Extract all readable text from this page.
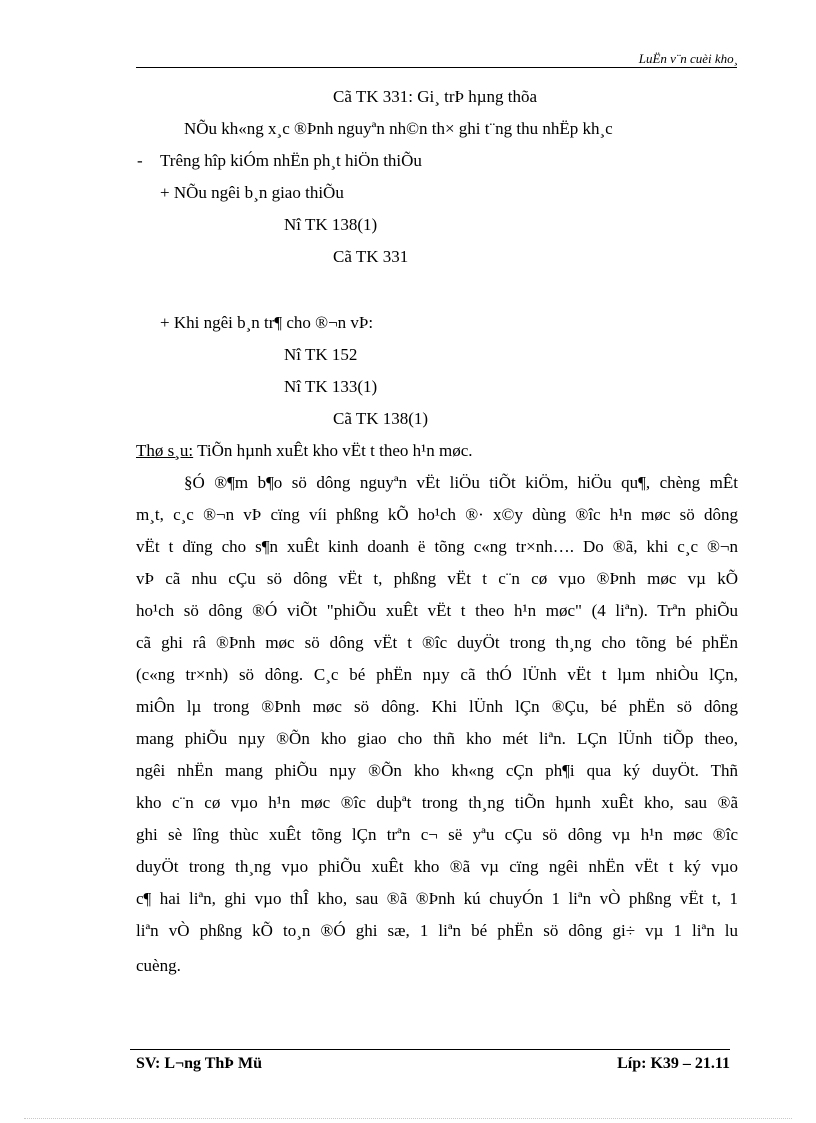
LuËn v¨n cuèi kho¸
Cã TK 331: Gi¸ trÞ hµng thõa
NÕu kh«ng x¸c ®Þnh nguyªn nh©n th× ghi t¨ng thu nhËp kh¸c
- Trêng hîp kiÓm nhËn ph¸t hiÖn thiÕu
+ NÕu ngêi b¸n giao thiÕu
Nî TK 138(1)
Cã TK 331
+ Khi ngêi b¸n tr¶ cho ®¬n vÞ:
Nî TK 152
Nî TK 133(1)
Cã TK 138(1)
Thø s¸u: TiÕn hµnh xuÊt kho vËt t theo h¹n møc.
§Ó ®¶m b¶o sö dông nguyªn vËt liÖu tiÕt kiÖm, hiÖu qu¶, chèng mÊt
m¸t, c¸c ®¬n vÞ cïng víi phßng kÕ ho¹ch ®· x©y dùng ®îc h¹n møc sö dông
vËt t dïng cho s¶n xuÊt kinh doanh ë tõng c«ng tr×nh…. Do ®ã, khi c¸c ®¬n
vÞ cã nhu cÇu sö dông vËt t, phßng vËt t c¨n cø vµo ®Þnh møc vµ kÕ
ho¹ch sö dông ®Ó viÕt "phiÕu xuÊt vËt t theo h¹n møc" (4 liªn). Trªn phiÕu
cã ghi râ ®Þnh møc sö dông vËt t ®îc duyÖt trong th¸ng cho tõng bé phËn
(c«ng tr×nh) sö dông. C¸c bé phËn nµy cã thÓ lÜnh vËt t lµm nhiÒu lÇn,
miÔn lµ trong ®Þnh møc sö dông. Khi lÜnh lÇn ®Çu, bé phËn sö dông
mang phiÕu nµy ®Õn kho giao cho thñ kho mét liªn. LÇn lÜnh tiÕp theo,
ngêi nhËn mang phiÕu nµy ®Õn kho kh«ng cÇn ph¶i qua ký duyÖt. Thñ
kho c¨n cø vµo h¹n møc ®îc duþªt trong th¸ng tiÕn hµnh xuÊt kho, sau ®ã
ghi sè lîng thùc xuÊt tõng lÇn trªn c¬ së yªu cÇu sö dông vµ h¹n møc ®îc
duyÖt trong th¸ng vµo phiÕu xuÊt kho ®ã vµ cïng ngêi nhËn vËt t ký vµo
c¶ hai liªn, ghi vµo thÎ kho, sau ®ã ®Þnh kú chuyÓn 1 liªn vÒ phßng vËt t, 1
liªn vÒ phßng kÕ to¸n ®Ó ghi sæ, 1 liªn bé phËn sö dông gi÷ vµ 1 liªn lu
cuèng.
SV: L¬ng ThÞ Mü	Líp: K39 – 21.11
